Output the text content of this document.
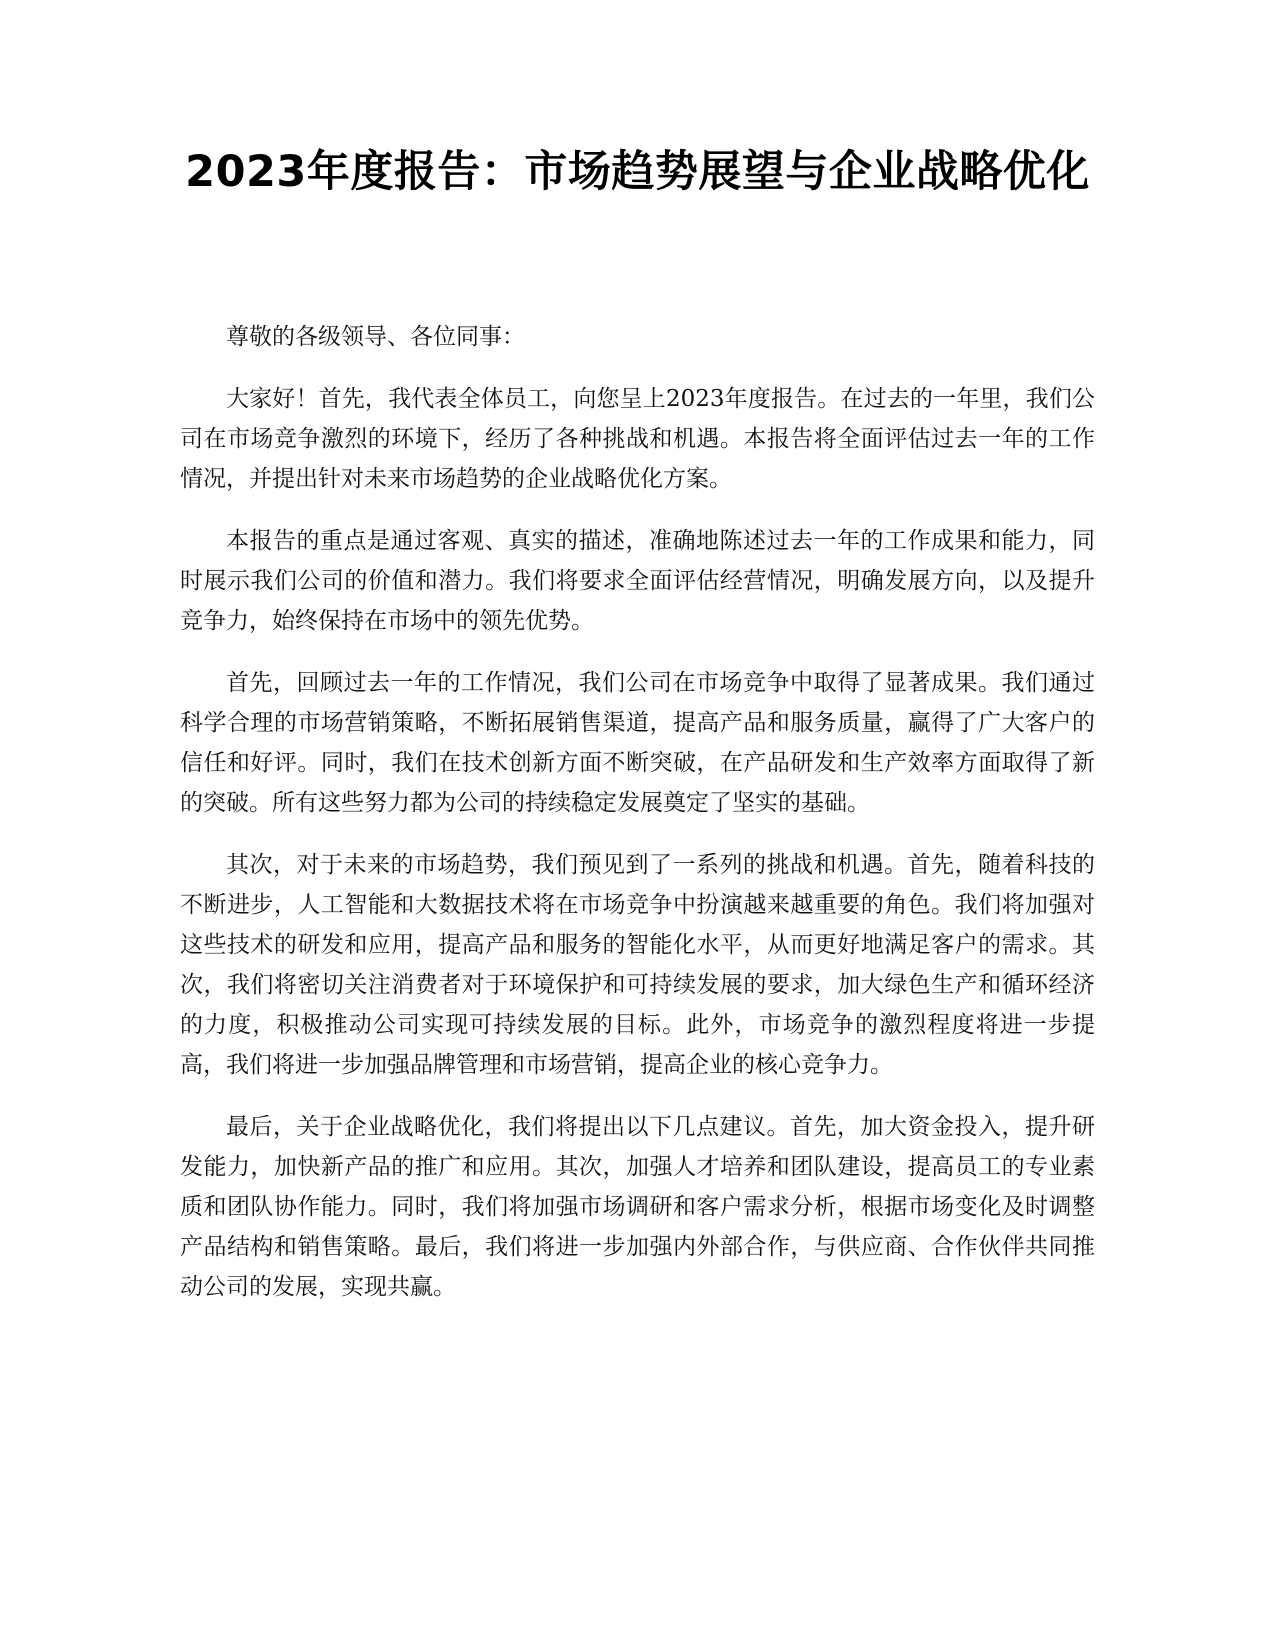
2023年度报告：市场趋势展望与企业战略优化

尊敬的各级领导、各位同事：

大家好！首先，我代表全体员工，向您呈上2023年度报告。在过去的一年里，我们公司在市场竞争激烈的环境下，经历了各种挑战和机遇。本报告将全面评估过去一年的工作情况，并提出针对未来市场趋势的企业战略优化方案。

本报告的重点是通过客观、真实的描述，准确地陈述过去一年的工作成果和能力，同时展示我们公司的价值和潜力。我们将要求全面评估经营情况，明确发展方向，以及提升竞争力，始终保持在市场中的领先优势。

首先，回顾过去一年的工作情况，我们公司在市场竞争中取得了显著成果。我们通过科学合理的市场营销策略，不断拓展销售渠道，提高产品和服务质量，赢得了广大客户的信任和好评。同时，我们在技术创新方面不断突破，在产品研发和生产效率方面取得了新的突破。所有这些努力都为公司的持续稳定发展奠定了坚实的基础。

其次，对于未来的市场趋势，我们预见到了一系列的挑战和机遇。首先，随着科技的不断进步，人工智能和大数据技术将在市场竞争中扮演越来越重要的角色。我们将加强对这些技术的研发和应用，提高产品和服务的智能化水平，从而更好地满足客户的需求。其次，我们将密切关注消费者对于环境保护和可持续发展的要求，加大绿色生产和循环经济的力度，积极推动公司实现可持续发展的目标。此外，市场竞争的激烈程度将进一步提高，我们将进一步加强品牌管理和市场营销，提高企业的核心竞争力。

最后，关于企业战略优化，我们将提出以下几点建议。首先，加大资金投入，提升研发能力，加快新产品的推广和应用。其次，加强人才培养和团队建设，提高员工的专业素质和团队协作能力。同时，我们将加强市场调研和客户需求分析，根据市场变化及时调整产品结构和销售策略。最后，我们将进一步加强内外部合作，与供应商、合作伙伴共同推动公司的发展，实现共赢。
